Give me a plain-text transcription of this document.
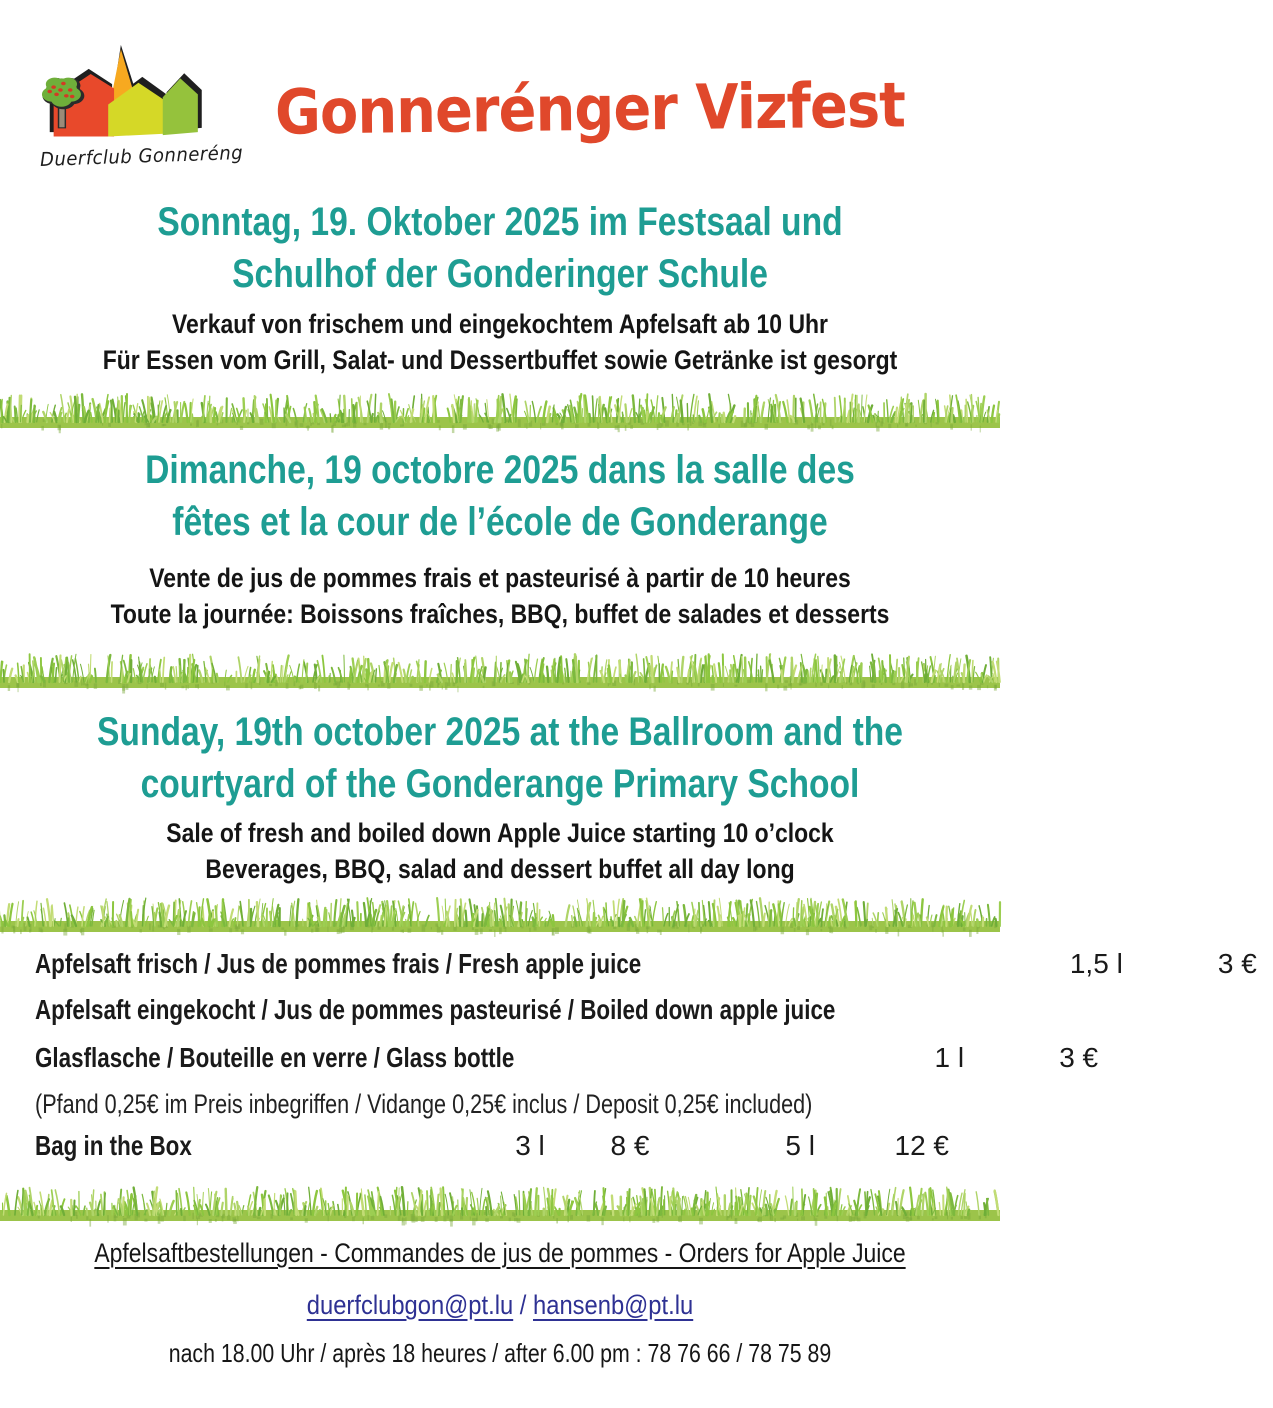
Duerfclub Gonneréng
Gonnerénger Vizfest
Sonntag, 19. Oktober 2025 im Festsaal und
Schulhof der Gonderinger Schule
Verkauf von frischem und eingekochtem Apfelsaft ab 10 Uhr
Für Essen vom Grill, Salat- und Dessertbuffet sowie Getränke ist gesorgt
Dimanche, 19 octobre 2025 dans la salle des
fêtes et la cour de l’école de Gonderange
Vente de jus de pommes frais et pasteurisé à partir de 10 heures
Toute la journée: Boissons fraîches, BBQ, buffet de salades et desserts
Sunday, 19th october 2025 at the Ballroom and the
courtyard of the Gonderange Primary School
Sale of fresh and boiled down Apple Juice starting 10 o’clock
Beverages, BBQ, salad and dessert buffet all day long
Apfelsaft frisch / Jus de pommes frais / Fresh apple juice	1,5 l	3 €
Apfelsaft eingekocht / Jus de pommes pasteurisé / Boiled down apple juice
Glasflasche / Bouteille en verre / Glass bottle	1 l	3 €
(Pfand 0,25€ im Preis inbegriffen / Vidange 0,25€ inclus / Deposit 0,25€ included)
Bag in the Box	3 l	8 €	5 l	12 €
Apfelsaftbestellungen - Commandes de jus de pommes - Orders for Apple Juice
duerfclubgon@pt.lu / hansenb@pt.lu
nach 18.00 Uhr / après 18 heures / after 6.00 pm : 78 76 66 / 78 75 89
